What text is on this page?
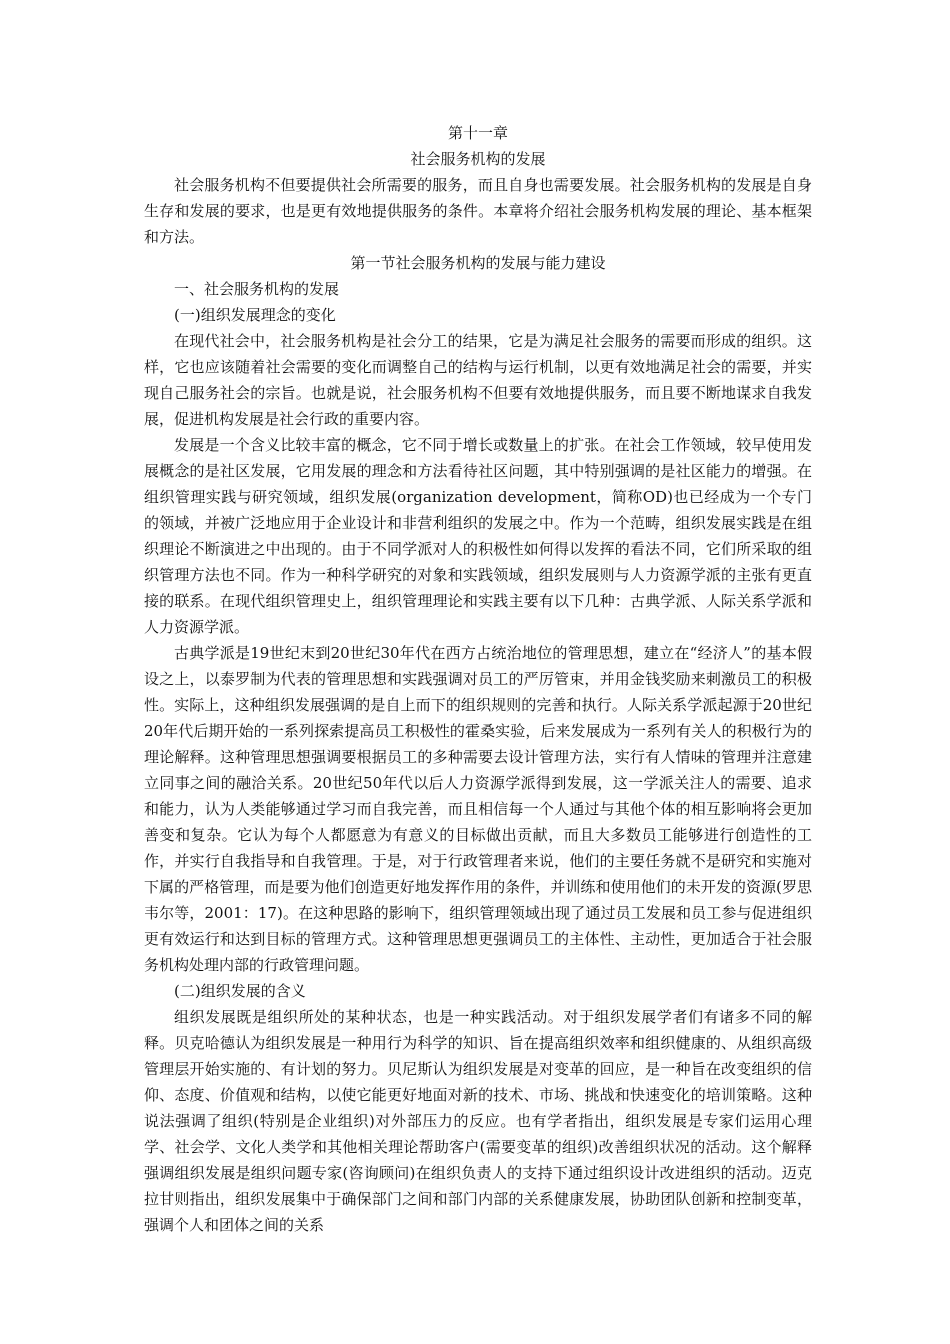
第十一章
社会服务机构的发展

社会服务机构不但要提供社会所需要的服务，而且自身也需要发展。社会服务机构的发展是自身生存和发展的要求，也是更有效地提供服务的条件。本章将介绍社会服务机构发展的理论、基本框架和方法。

第一节社会服务机构的发展与能力建设
一、社会服务机构的发展
(一)组织发展理念的变化

在现代社会中，社会服务机构是社会分工的结果，它是为满足社会服务的需要而形成的组织。这样，它也应该随着社会需要的变化而调整自己的结构与运行机制，以更有效地满足社会的需要，并实现自己服务社会的宗旨。也就是说，社会服务机构不但要有效地提供服务，而且要不断地谋求自我发展，促进机构发展是社会行政的重要内容。

发展是一个含义比较丰富的概念，它不同于增长或数量上的扩张。在社会工作领域，较早使用发展概念的是社区发展，它用发展的理念和方法看待社区问题，其中特别强调的是社区能力的增强。在组织管理实践与研究领域，组织发展(organization development，简称OD)也已经成为一个专门的领域，并被广泛地应用于企业设计和非营利组织的发展之中。作为一个范畴，组织发展实践是在组织理论不断演进之中出现的。由于不同学派对人的积极性如何得以发挥的看法不同，它们所采取的组织管理方法也不同。作为一种科学研究的对象和实践领域，组织发展则与人力资源学派的主张有更直接的联系。在现代组织管理史上，组织管理理论和实践主要有以下几种：古典学派、人际关系学派和人力资源学派。

古典学派是19世纪末到20世纪30年代在西方占统治地位的管理思想，建立在“经济人”的基本假设之上，以泰罗制为代表的管理思想和实践强调对员工的严厉管束，并用金钱奖励来刺激员工的积极性。实际上，这种组织发展强调的是自上而下的组织规则的完善和执行。人际关系学派起源于20世纪20年代后期开始的一系列探索提高员工积极性的霍桑实验，后来发展成为一系列有关人的积极行为的理论解释。这种管理思想强调要根据员工的多种需要去设计管理方法，实行有人情味的管理并注意建立同事之间的融洽关系。20世纪50年代以后人力资源学派得到发展，这一学派关注人的需要、追求和能力，认为人类能够通过学习而自我完善，而且相信每一个人通过与其他个体的相互影响将会更加善变和复杂。它认为每个人都愿意为有意义的目标做出贡献，而且大多数员工能够进行创造性的工作，并实行自我指导和自我管理。于是，对于行政管理者来说，他们的主要任务就不是研究和实施对下属的严格管理，而是要为他们创造更好地发挥作用的条件，并训练和使用他们的未开发的资源(罗思韦尔等，2001：17)。在这种思路的影响下，组织管理领域出现了通过员工发展和员工参与促进组织更有效运行和达到目标的管理方式。这种管理思想更强调员工的主体性、主动性，更加适合于社会服务机构处理内部的行政管理问题。

(二)组织发展的含义

组织发展既是组织所处的某种状态，也是一种实践活动。对于组织发展学者们有诸多不同的解释。贝克哈德认为组织发展是一种用行为科学的知识、旨在提高组织效率和组织健康的、从组织高级管理层开始实施的、有计划的努力。贝尼斯认为组织发展是对变革的回应，是一种旨在改变组织的信仰、态度、价值观和结构，以使它能更好地面对新的技术、市场、挑战和快速变化的培训策略。这种说法强调了组织(特别是企业组织)对外部压力的反应。也有学者指出，组织发展是专家们运用心理学、社会学、文化人类学和其他相关理论帮助客户(需要变革的组织)改善组织状况的活动。这个解释强调组织发展是组织问题专家(咨询顾问)在组织负责人的支持下通过组织设计改进组织的活动。迈克拉甘则指出，组织发展集中于确保部门之间和部门内部的关系健康发展，协助团队创新和控制变革，强调个人和团体之间的关系
